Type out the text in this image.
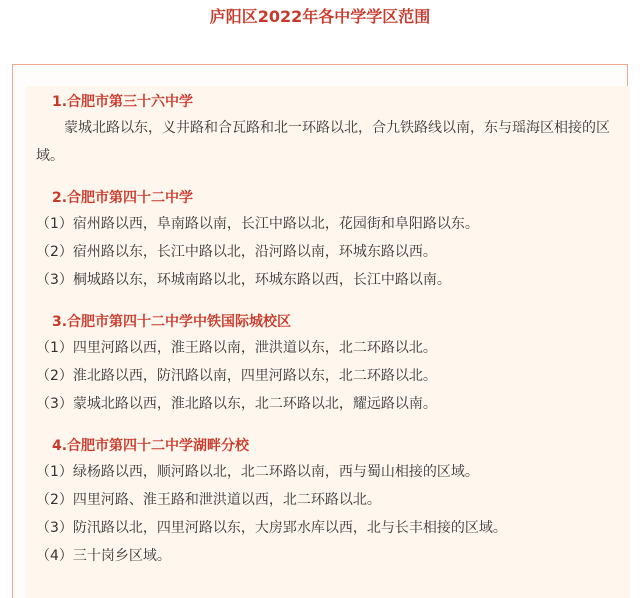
庐阳区2022年各中学学区范围
1.合肥市第三十六中学

蒙城北路以东，义井路和合瓦路和北一环路以北，合九铁路线以南，东与瑶海区相接的区域。

2.合肥市第四十二中学

（1）宿州路以西，阜南路以南，长江中路以北，花园街和阜阳路以东。

（2）宿州路以东，长江中路以北，沿河路以南，环城东路以西。

（3）桐城路以东，环城南路以北，环城东路以西，长江中路以南。

3.合肥市第四十二中学中铁国际城校区

（1）四里河路以西，淮王路以南，泄洪道以东，北二环路以北。

（2）淮北路以西，防汛路以南，四里河路以东，北二环路以北。

（3）蒙城北路以西，淮北路以东，北二环路以北，耀远路以南。

4.合肥市第四十二中学湖畔分校

（1）绿杨路以西，顺河路以北，北二环路以南，西与蜀山相接的区域。

（2）四里河路、淮王路和泄洪道以西，北二环路以北。

（3）防汛路以北，四里河路以东，大房郢水库以西，北与长丰相接的区域。

（4）三十岗乡区域。
